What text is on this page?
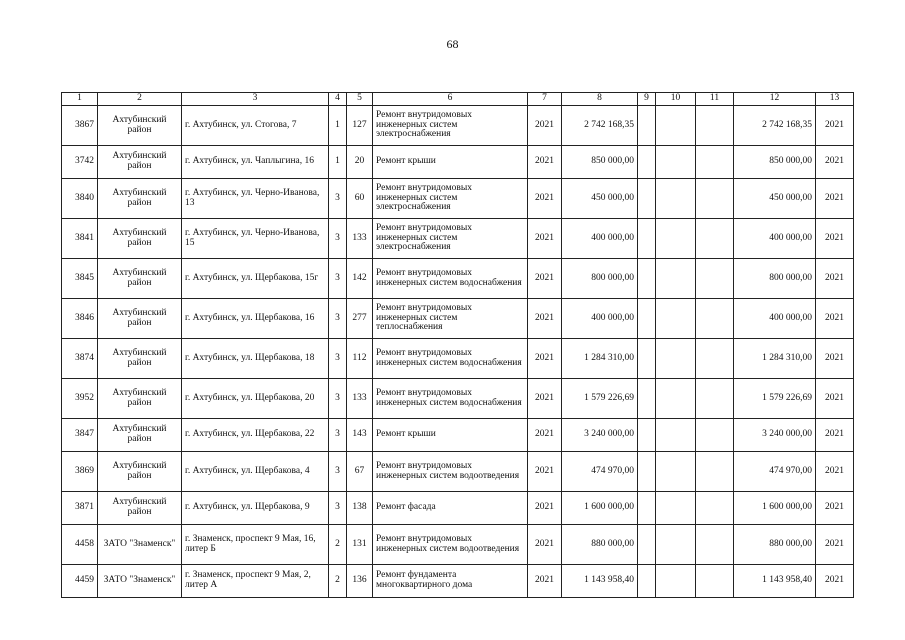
68
1	2	3	4	5	6	7	8	9	10	11	12	13
3867	Ахтубинский район	г. Ахтубинск, ул. Стогова, 7	1	127	Ремонт внутридомовых инженерных систем электроснабжения	2021	2 742 168,35				2 742 168,35	2021
3742	Ахтубинский район	г. Ахтубинск, ул. Чаплыгина, 16	1	20	Ремонт крыши	2021	850 000,00				850 000,00	2021
3840	Ахтубинский район	г. Ахтубинск, ул. Черно-Иванова, 13	3	60	Ремонт внутридомовых инженерных систем электроснабжения	2021	450 000,00				450 000,00	2021
3841	Ахтубинский район	г. Ахтубинск, ул. Черно-Иванова, 15	3	133	Ремонт внутридомовых инженерных систем электроснабжения	2021	400 000,00				400 000,00	2021
3845	Ахтубинский район	г. Ахтубинск, ул. Щербакова, 15г	3	142	Ремонт внутридомовых инженерных систем водоснабжения	2021	800 000,00				800 000,00	2021
3846	Ахтубинский район	г. Ахтубинск, ул. Щербакова, 16	3	277	Ремонт внутридомовых инженерных систем теплоснабжения	2021	400 000,00				400 000,00	2021
3874	Ахтубинский район	г. Ахтубинск, ул. Щербакова, 18	3	112	Ремонт внутридомовых инженерных систем водоснабжения	2021	1 284 310,00				1 284 310,00	2021
3952	Ахтубинский район	г. Ахтубинск, ул. Щербакова, 20	3	133	Ремонт внутридомовых инженерных систем водоснабжения	2021	1 579 226,69				1 579 226,69	2021
3847	Ахтубинский район	г. Ахтубинск, ул. Щербакова, 22	3	143	Ремонт крыши	2021	3 240 000,00				3 240 000,00	2021
3869	Ахтубинский район	г. Ахтубинск, ул. Щербакова, 4	3	67	Ремонт внутридомовых инженерных систем водоотведения	2021	474 970,00				474 970,00	2021
3871	Ахтубинский район	г. Ахтубинск, ул. Щербакова, 9	3	138	Ремонт фасада	2021	1 600 000,00				1 600 000,00	2021
4458	ЗАТО "Знаменск"	г. Знаменск, проспект 9 Мая, 16, литер Б	2	131	Ремонт внутридомовых инженерных систем водоотведения	2021	880 000,00				880 000,00	2021
4459	ЗАТО "Знаменск"	г. Знаменск, проспект 9 Мая, 2, литер А	2	136	Ремонт фундамента многоквартирного дома	2021	1 143 958,40				1 143 958,40	2021
